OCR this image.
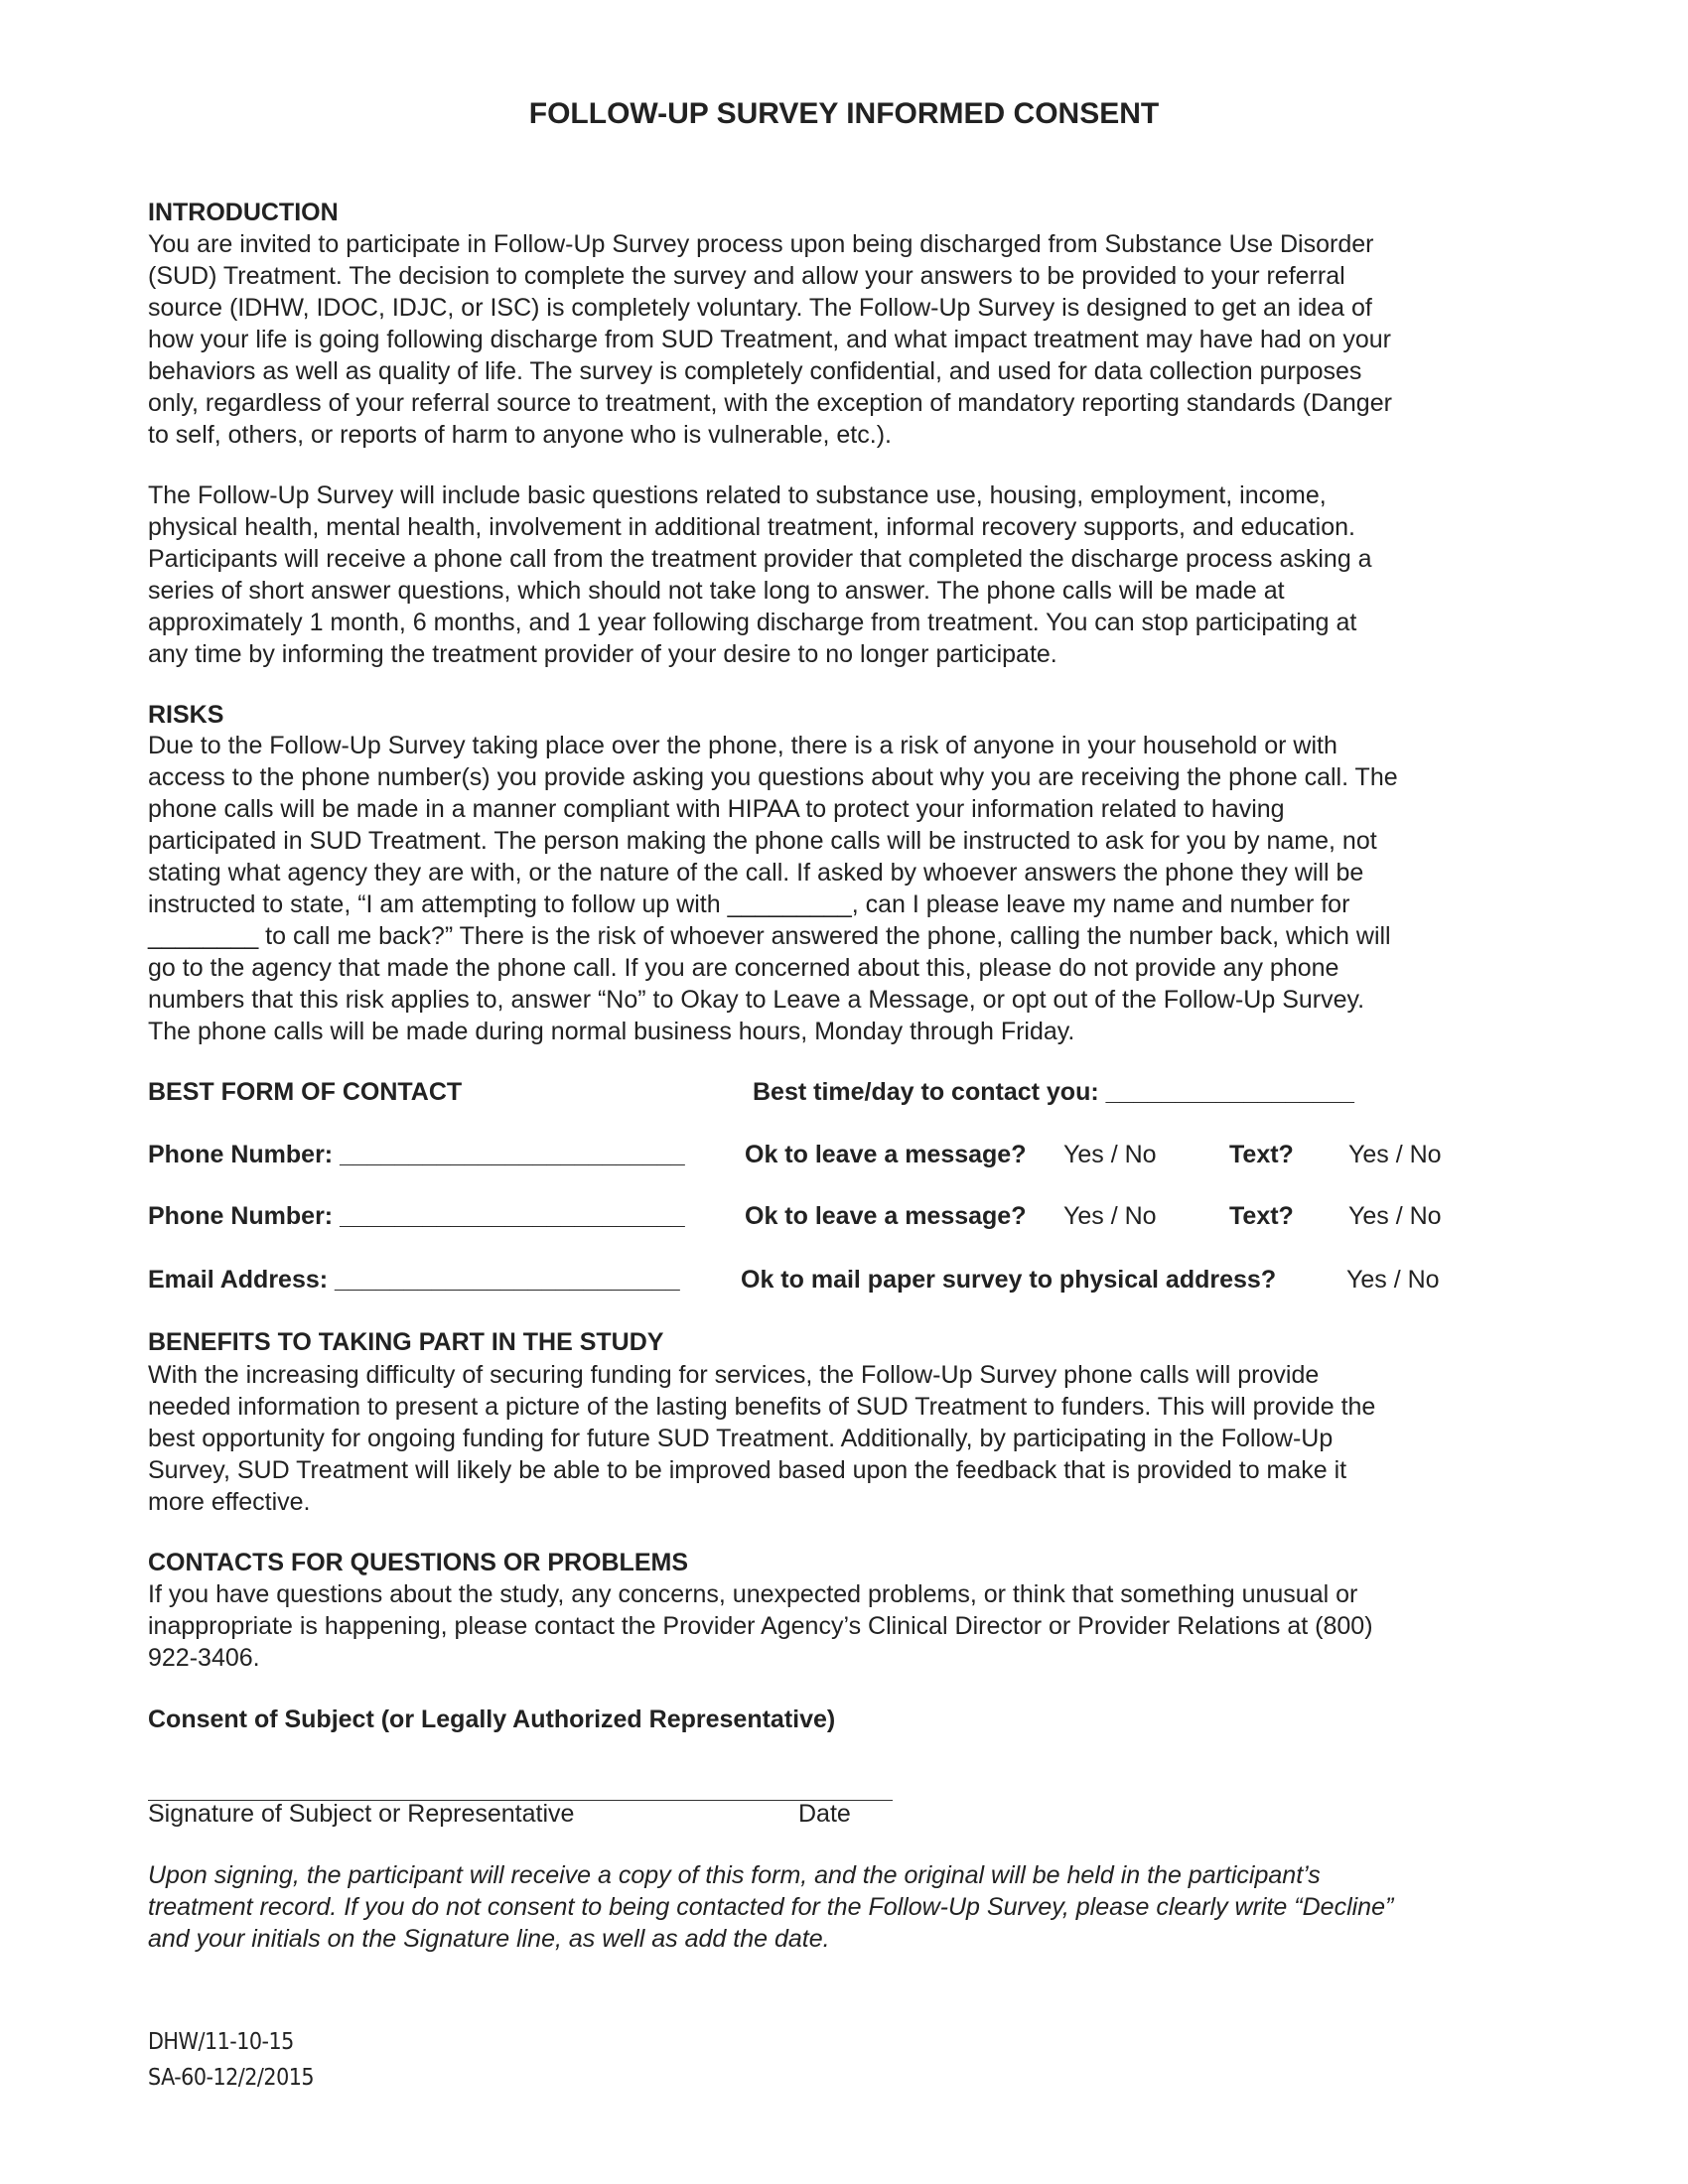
FOLLOW-UP SURVEY INFORMED CONSENT
INTRODUCTION
You are invited to participate in Follow-Up Survey process upon being discharged from Substance Use Disorder
(SUD) Treatment. The decision to complete the survey and allow your answers to be provided to your referral
source (IDHW, IDOC, IDJC, or ISC) is completely voluntary. The Follow-Up Survey is designed to get an idea of
how your life is going following discharge from SUD Treatment, and what impact treatment may have had on your
behaviors as well as quality of life. The survey is completely confidential, and used for data collection purposes
only, regardless of your referral source to treatment, with the exception of mandatory reporting standards (Danger
to self, others, or reports of harm to anyone who is vulnerable, etc.).
The Follow-Up Survey will include basic questions related to substance use, housing, employment, income,
physical health, mental health, involvement in additional treatment, informal recovery supports, and education.
Participants will receive a phone call from the treatment provider that completed the discharge process asking a
series of short answer questions, which should not take long to answer. The phone calls will be made at
approximately 1 month, 6 months, and 1 year following discharge from treatment. You can stop participating at
any time by informing the treatment provider of your desire to no longer participate.
RISKS
Due to the Follow-Up Survey taking place over the phone, there is a risk of anyone in your household or with
access to the phone number(s) you provide asking you questions about why you are receiving the phone call. The
phone calls will be made in a manner compliant with HIPAA to protect your information related to having
participated in SUD Treatment. The person making the phone calls will be instructed to ask for you by name, not
stating what agency they are with, or the nature of the call. If asked by whoever answers the phone they will be
instructed to state, “I am attempting to follow up with _________, can I please leave my name and number for
________ to call me back?” There is the risk of whoever answered the phone, calling the number back, which will
go to the agency that made the phone call. If you are concerned about this, please do not provide any phone
numbers that this risk applies to, answer “No” to Okay to Leave a Message, or opt out of the Follow-Up Survey.
The phone calls will be made during normal business hours, Monday through Friday.
BEST FORM OF CONTACT	Best time/day to contact you: __________________
Phone Number: _________________________ Ok to leave a message? Yes / No	Text? Yes / No
Phone Number: _________________________ Ok to leave a message? Yes / No	Text? Yes / No
Email Address: _________________________ Ok to mail paper survey to physical address?	Yes / No
BENEFITS TO TAKING PART IN THE STUDY
With the increasing difficulty of securing funding for services, the Follow-Up Survey phone calls will provide
needed information to present a picture of the lasting benefits of SUD Treatment to funders. This will provide the
best opportunity for ongoing funding for future SUD Treatment. Additionally, by participating in the Follow-Up
Survey, SUD Treatment will likely be able to be improved based upon the feedback that is provided to make it
more effective.
CONTACTS FOR QUESTIONS OR PROBLEMS
If you have questions about the study, any concerns, unexpected problems, or think that something unusual or
inappropriate is happening, please contact the Provider Agency’s Clinical Director or Provider Relations at (800)
922-3406.
Consent of Subject (or Legally Authorized Representative)
Signature of Subject or Representative	Date
Upon signing, the participant will receive a copy of this form, and the original will be held in the participant’s
treatment record. If you do not consent to being contacted for the Follow-Up Survey, please clearly write “Decline”
and your initials on the Signature line, as well as add the date.
DHW/11-10-15
SA-60-12/2/2015
